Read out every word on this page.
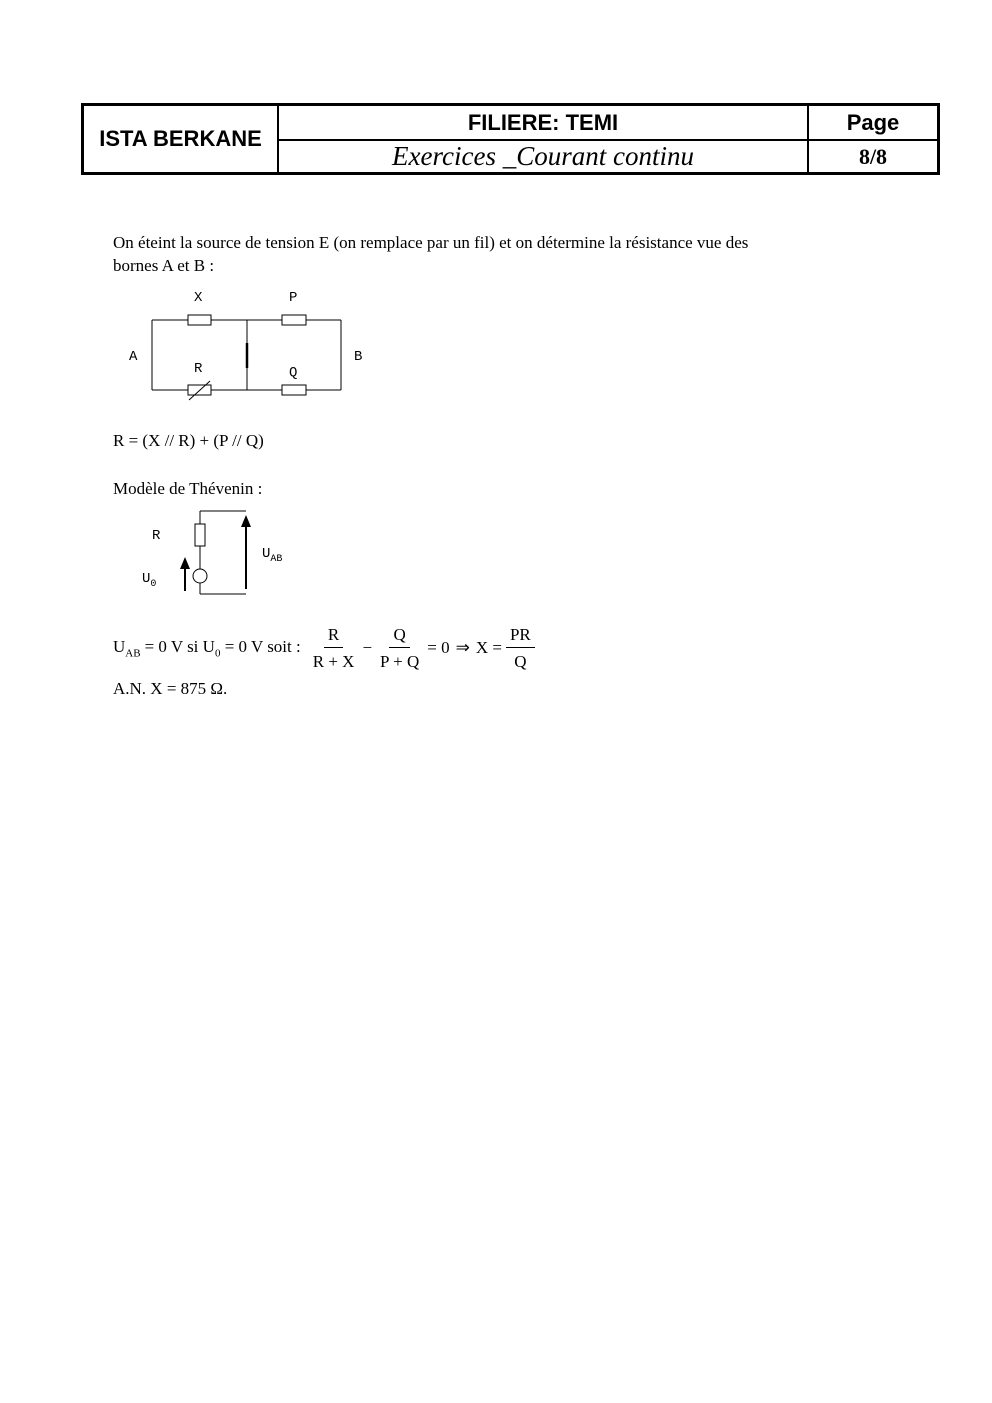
ISTA BERKANE	FILIERE: TEMI	Page
	Exercices _Courant continu	8/8
On éteint la source de tension E (on remplace par un fil) et on détermine la résistance vue des
bornes A et B :
X	P
A	B
R	Q
R = (X // R) + (P // Q)
Modèle de Thévenin :
R
$U_0$
$U_{AB}$
$U_{AB} = 0$ V si $U_0 = 0$ V soit : $\frac{R}{R + X} - \frac{Q}{P + Q} = 0$ ⇒ $X = \frac{PR}{Q}$
A.N. X = 875 Ω.
